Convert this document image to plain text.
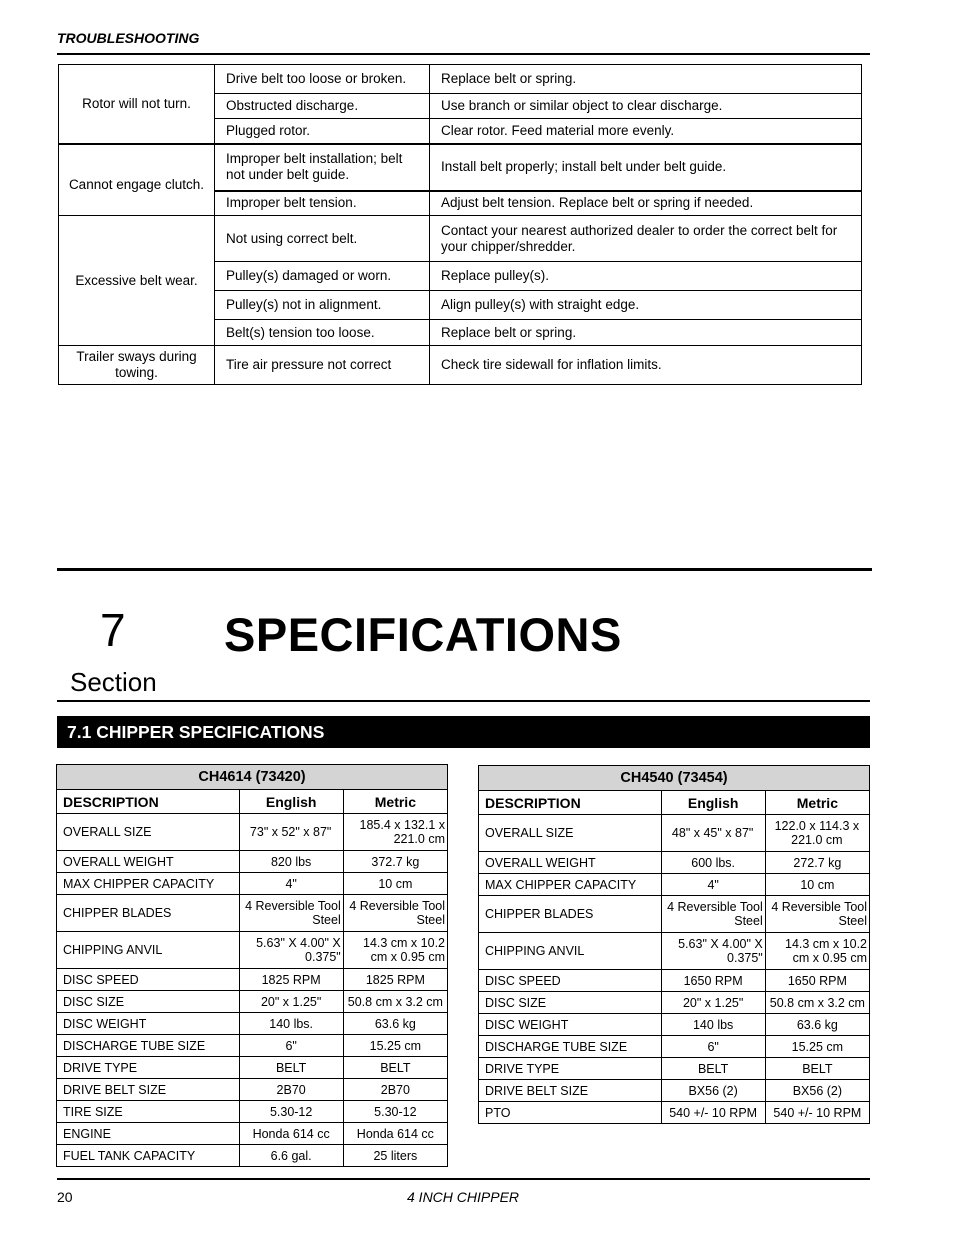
TROUBLESHOOTING
Rotor will not turn.	Drive belt too loose or broken.	Replace belt or spring.
	Obstructed discharge.	Use branch or similar object to clear discharge.
	Plugged rotor.	Clear rotor. Feed material more evenly.
Cannot engage clutch.	Improper belt installation; belt not under belt guide.	Install belt properly; install belt under belt guide.
	Improper belt tension.	Adjust belt tension. Replace belt or spring if needed.
Excessive belt wear.	Not using correct belt.	Contact your nearest authorized dealer to order the correct belt for your chipper/shredder.
	Pulley(s) damaged or worn.	Replace pulley(s).
	Pulley(s) not in alignment.	Align pulley(s) with straight edge.
	Belt(s) tension too loose.	Replace belt or spring.
Trailer sways during towing.	Tire air pressure not correct	Check tire sidewall for inflation limits.
7 SPECIFICATIONS
Section
7.1 CHIPPER SPECIFICATIONS
CH4614 (73420)		
DESCRIPTION	English	Metric
OVERALL SIZE	73" x 52" x 87"	185.4 x 132.1 x 221.0 cm
OVERALL WEIGHT	820 lbs	372.7 kg
MAX CHIPPER CAPACITY	4"	10 cm
CHIPPER BLADES	4 Reversible Tool Steel	4 Reversible Tool Steel
CHIPPING ANVIL	5.63" X 4.00" X 0.375"	14.3 cm x 10.2 cm x 0.95 cm
DISC SPEED	1825 RPM	1825 RPM
DISC SIZE	20" x 1.25"	50.8 cm x 3.2 cm
DISC WEIGHT	140 lbs.	63.6 kg
DISCHARGE TUBE SIZE	6"	15.25 cm
DRIVE TYPE	BELT	BELT
DRIVE BELT SIZE	2B70	2B70
TIRE SIZE	5.30-12	5.30-12
ENGINE	Honda 614 cc	Honda 614 cc
FUEL TANK CAPACITY	6.6 gal.	25 liters
CH4540 (73454)		
DESCRIPTION	English	Metric
OVERALL SIZE	48" x 45" x 87"	122.0 x 114.3 x 221.0 cm
OVERALL WEIGHT	600 lbs.	272.7 kg
MAX CHIPPER CAPACITY	4"	10 cm
CHIPPER BLADES	4 Reversible Tool Steel	4 Reversible Tool Steel
CHIPPING ANVIL	5.63" X 4.00" X 0.375"	14.3 cm x 10.2 cm x 0.95 cm
DISC SPEED	1650 RPM	1650 RPM
DISC SIZE	20" x 1.25"	50.8 cm x 3.2 cm
DISC WEIGHT	140 lbs	63.6 kg
DISCHARGE TUBE SIZE	6"	15.25 cm
DRIVE TYPE	BELT	BELT
DRIVE BELT SIZE	BX56 (2)	BX56 (2)
PTO	540 +/- 10 RPM	540 +/- 10 RPM
20	4 INCH CHIPPER
